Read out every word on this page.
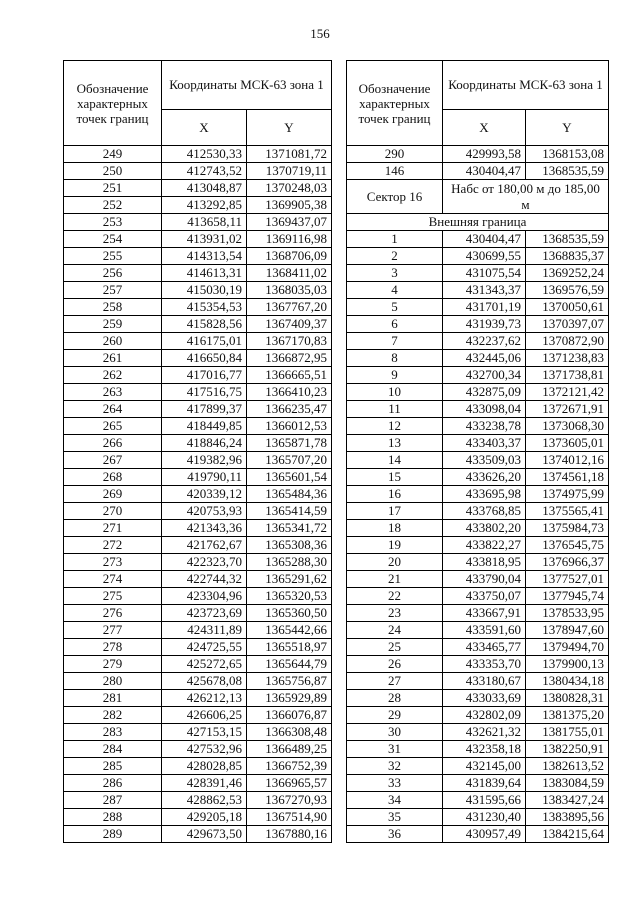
156
Обозначение характерных точек границ	Координаты МСК-63 зона 1	
	X	Y
249	412530,33	1371081,72
250	412743,52	1370719,11
251	413048,87	1370248,03
252	413292,85	1369905,38
253	413658,11	1369437,07
254	413931,02	1369116,98
255	414313,54	1368706,09
256	414613,31	1368411,02
257	415030,19	1368035,03
258	415354,53	1367767,20
259	415828,56	1367409,37
260	416175,01	1367170,83
261	416650,84	1366872,95
262	417016,77	1366665,51
263	417516,75	1366410,23
264	417899,37	1366235,47
265	418449,85	1366012,53
266	418846,24	1365871,78
267	419382,96	1365707,20
268	419790,11	1365601,54
269	420339,12	1365484,36
270	420753,93	1365414,59
271	421343,36	1365341,72
272	421762,67	1365308,36
273	422323,70	1365288,30
274	422744,32	1365291,62
275	423304,96	1365320,53
276	423723,69	1365360,50
277	424311,89	1365442,66
278	424725,55	1365518,97
279	425272,65	1365644,79
280	425678,08	1365756,87
281	426212,13	1365929,89
282	426606,25	1366076,87
283	427153,15	1366308,48
284	427532,96	1366489,25
285	428028,85	1366752,39
286	428391,46	1366965,57
287	428862,53	1367270,93
288	429205,18	1367514,90
289	429673,50	1367880,16
Обозначение характерных точек границ	Координаты МСК-63 зона 1	
	X	Y
290	429993,58	1368153,08
146	430404,47	1368535,59
Сектор 16	Набс от 180,00 м до 185,00 м	
Внешняя граница		
1	430404,47	1368535,59
2	430699,55	1368835,37
3	431075,54	1369252,24
4	431343,37	1369576,59
5	431701,19	1370050,61
6	431939,73	1370397,07
7	432237,62	1370872,90
8	432445,06	1371238,83
9	432700,34	1371738,81
10	432875,09	1372121,42
11	433098,04	1372671,91
12	433238,78	1373068,30
13	433403,37	1373605,01
14	433509,03	1374012,16
15	433626,20	1374561,18
16	433695,98	1374975,99
17	433768,85	1375565,41
18	433802,20	1375984,73
19	433822,27	1376545,75
20	433818,95	1376966,37
21	433790,04	1377527,01
22	433750,07	1377945,74
23	433667,91	1378533,95
24	433591,60	1378947,60
25	433465,77	1379494,70
26	433353,70	1379900,13
27	433180,67	1380434,18
28	433033,69	1380828,31
29	432802,09	1381375,20
30	432621,32	1381755,01
31	432358,18	1382250,91
32	432145,00	1382613,52
33	431839,64	1383084,59
34	431595,66	1383427,24
35	431230,40	1383895,56
36	430957,49	1384215,64
